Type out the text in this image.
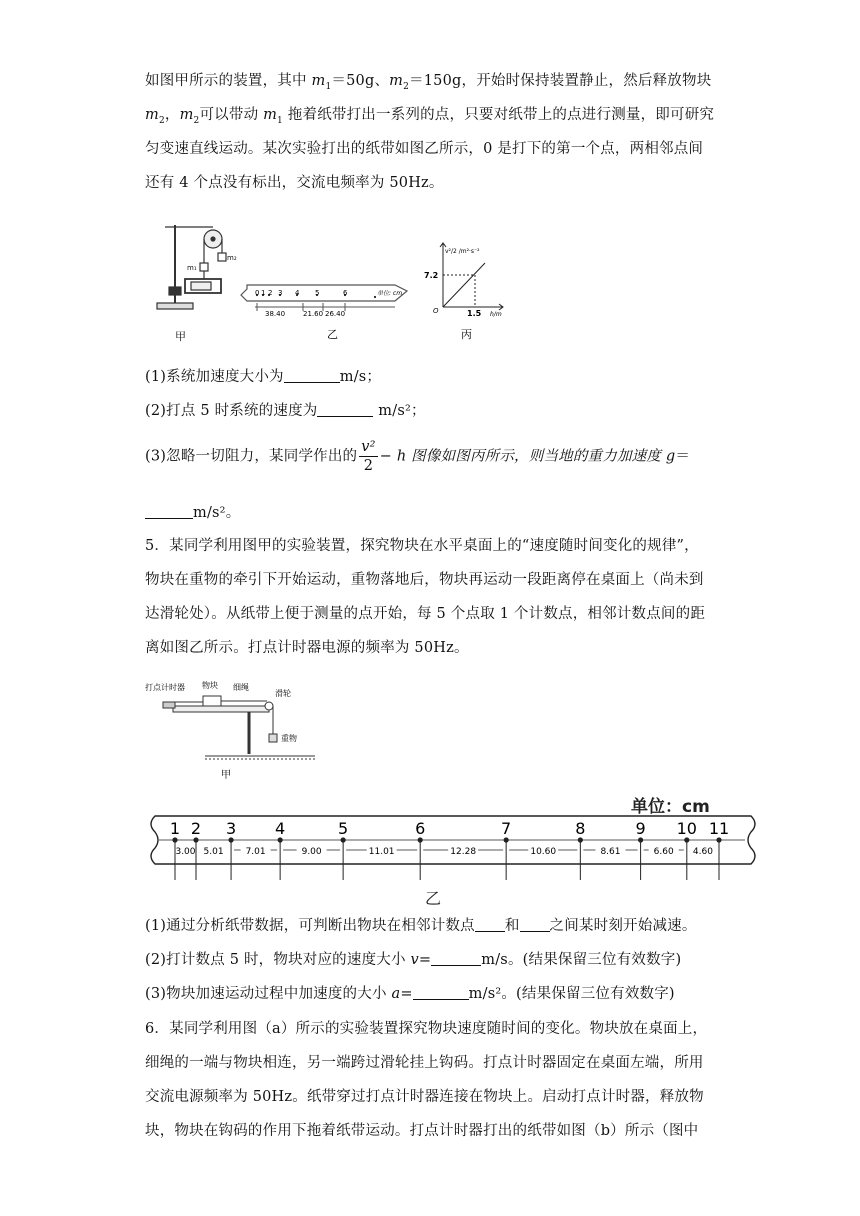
如图甲所示的装置，其中 $m_1=50g$、$m_2=150g$，开始时保持装置静止，然后释放物块
$m_2$，$m_2$可以带动 $m_1$ 拖着纸带打出一系列的点，只要对纸带上的点进行测量，即可研究
匀变速直线运动。某次实验打出的纸带如图乙所示，0 是打下的第一个点，两相邻点间
还有 4 个点没有标出，交流电频率为 50Hz。

m₂
m₁
甲
0 1 2 3 4 5	6	单位: cm
38.40	21.60 26.40
乙
v²/2 /m²·s⁻²
7.2
O	1.5 h/m
丙

(1)系统加速度大小为	m/s；

(2)打点 5 时系统的速度为	m/s²；

(3)忽略一切阻力，某同学作出的 $\frac{\text{v²}}{2} - h$ 图像如图丙所示，则当地的重力加速度 g＝

m/s²。

5．某同学利用图甲的实验装置，探究物块在水平桌面上的“速度随时间变化的规律”，
物块在重物的牵引下开始运动，重物落地后，物块再运动一段距离停在桌面上（尚未到
达滑轮处）。从纸带上便于测量的点开始，每 5 个点取 1 个计数点，相邻计数点间的距
离如图乙所示。打点计时器电源的频率为 50Hz。

打点计时器 物块 细绳
滑轮
重物
甲
单位：cm
乙
1 2 3 4	5	6	7	8	9 10 11
3.00 5.01 7.01	9.00	11.01	12.28	10.60	8.61	6.60 4.60

(1)通过分析纸带数据，可判断出物块在相邻计数点 和 之间某时刻开始减速。

(2)打计数点 5 时，物块对应的速度大小 v=	m/s。(结果保留三位有效数字)

(3)物块加速运动过程中加速度的大小 a=	m/s²。(结果保留三位有效数字)

6．某同学利用图（a）所示的实验装置探究物块速度随时间的变化。物块放在桌面上，
细绳的一端与物块相连，另一端跨过滑轮挂上钩码。打点计时器固定在桌面左端，所用
交流电源频率为 50Hz。纸带穿过打点计时器连接在物块上。启动打点计时器，释放物
块，物块在钩码的作用下拖着纸带运动。打点计时器打出的纸带如图（b）所示（图中
